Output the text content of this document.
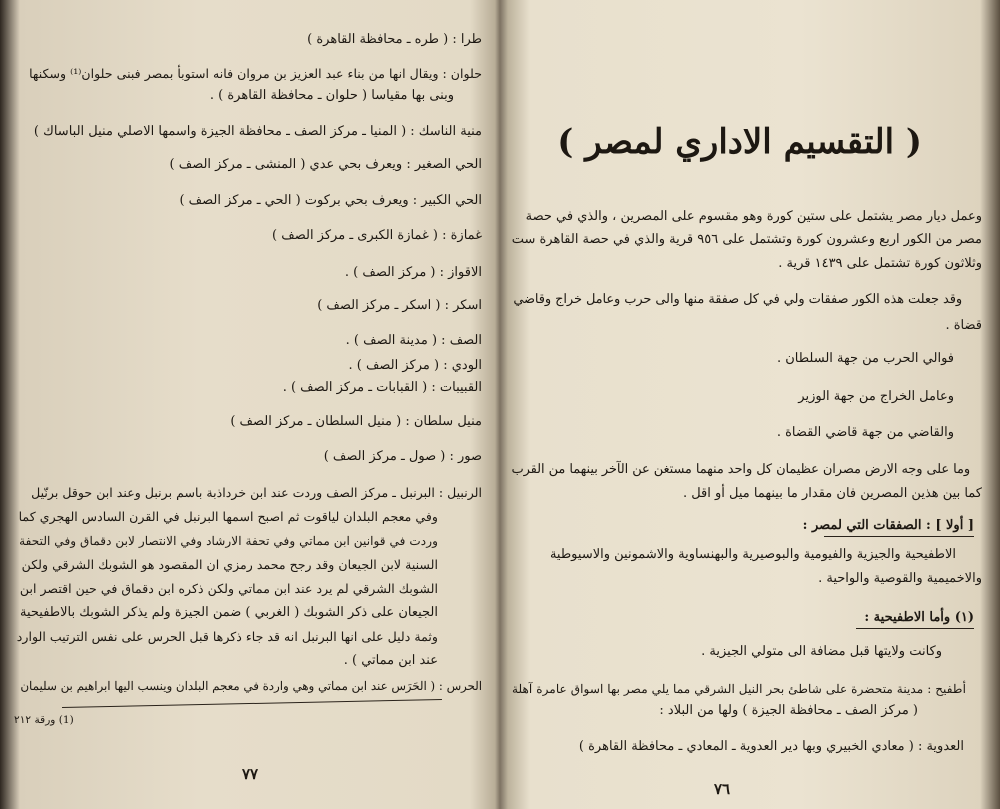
طرا : ( طره ـ محافظة القاهرة )
حلوان : ويقال انها من بناء عبد العزيز بن مروان فانه استوبأ بمصر فبنى حلوان⁽¹⁾ وسكنها
وبنى بها مقياسا ( حلوان ـ محافظة القاهرة ) .
منية الناسك : ( المنيا ـ مركز الصف ـ محافظة الجيزة واسمها الاصلي منيل الباساك )
الحي الصغير : ويعرف بحي عدي ( المنشى ـ مركز الصف )
الحي الكبير : ويعرف بحي بركوت ( الحي ـ مركز الصف )
غمازة : ( غمازة الكبرى ـ مركز الصف )
الاقواز : ( مركز الصف ) .
اسكر : ( اسكر ـ مركز الصف )
الصف : ( مدينة الصف ) .
الودي : ( مركز الصف ) .
القبيبات : ( القبابات ـ مركز الصف ) .
منيل سلطان : ( منيل السلطان ـ مركز الصف )
صور : ( صول ـ مركز الصف )
الرنبيل : البرنبل ـ مركز الصف وردت عند ابن خرداذبة باسم برنبل وعند ابن حوقل برنّيل
وفي معجم البلدان لياقوت ثم اصبح اسمها البرنبل في القرن السادس الهجري كما
وردت في قوانين ابن مماتي وفي تحفة الارشاد وفي الانتصار لابن دقماق وفي التحفة
السنية لابن الجيعان وقد رجح محمد رمزي ان المقصود هو الشوبك الشرقي ولكن
الشوبك الشرقي لم يرد عند ابن مماتي ولكن ذكره ابن دقماق في حين اقتصر ابن
الجيعان على ذكر الشوبك ( الغربي ) ضمن الجيزة ولم يذكر الشوبك بالاطفيحية
وثمة دليل على انها البرنبل انه قد جاء ذكرها قبل الحرس على نفس الترتيب الوارد
عند ابن مماتي ) .
الحرس : ( الحَرَس عند ابن مماتي وهي واردة في معجم البلدان وينسب اليها ابراهيم بن سليمان
(1) ورقة ٢١٢
٧٧
( التقسيم الاداري لمصر )
وعمل ديار مصر يشتمل على ستين كورة وهو مقسوم على المصرين ، والذي في حصة
مصر من الكور اربع وعشرون كورة وتشتمل على ٩٥٦ قرية والذي في حصة القاهرة ست
وثلاثون كورة تشتمل على ١٤٣٩ قرية .
وقد جعلت هذه الكور صفقات ولي في كل صفقة منها والى حرب وعامل خراج وقاضي
قضاة .
فوالي الحرب من جهة السلطان .
وعامل الخراج من جهة الوزير
والقاضي من جهة قاضي القضاة .
وما على وجه الارض مصران عظيمان كل واحد منهما مستغن عن الآخر بينهما من القرب
كما بين هذين المصرين فان مقدار ما بينهما ميل أو اقل .
[ أولا ] : الصفقات التي لمصر :
الاطفيحية والجيزية والفيومية والبوصيرية والبهنساوية والاشمونين والاسيوطية
والاخميمية والقوصية والواحية .
(١) وأما الاطفيحية :
وكانت ولايتها قبل مضافة الى متولي الجيزية .
أطفيح : مدينة متحضرة على شاطئ بحر النيل الشرقي مما يلي مصر بها اسواق عامرة آهلة
( مركز الصف ـ محافظة الجيزة ) ولها من البلاد :
العدوية : ( معادي الخبيري وبها دير العدوية ـ المعادي ـ محافظة القاهرة )
٧٦
